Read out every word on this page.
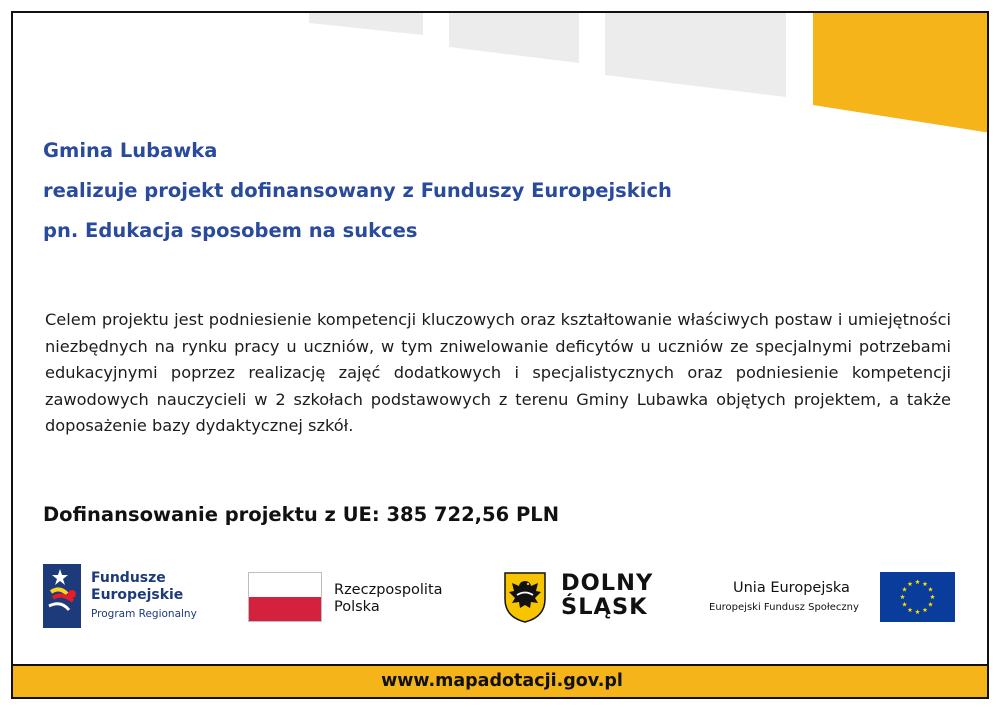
Gmina Lubawka
realizuje projekt dofinansowany z Funduszy Europejskich
pn. Edukacja sposobem na sukces

Celem projektu jest podniesienie kompetencji kluczowych oraz kształtowanie właściwych postaw i umiejętności niezbędnych na rynku pracy u uczniów, w tym zniwelowanie deficytów u uczniów ze specjalnymi potrzebami edukacyjnymi poprzez realizację zajęć dodatkowych i specjalistycznych oraz podniesienie kompetencji zawodowych nauczycieli w 2 szkołach podstawowych z terenu Gminy Lubawka objętych projektem, a także doposażenie bazy dydaktycznej szkół.

Dofinansowanie projektu z UE: 385 722,56 PLN
Fundusze
Europejskie
Program Regionalny
Rzeczpospolita
Polska
DOLNY
ŚLĄSK
Unia Europejska
Europejski Fundusz Społeczny
www.mapadotacji.gov.pl
